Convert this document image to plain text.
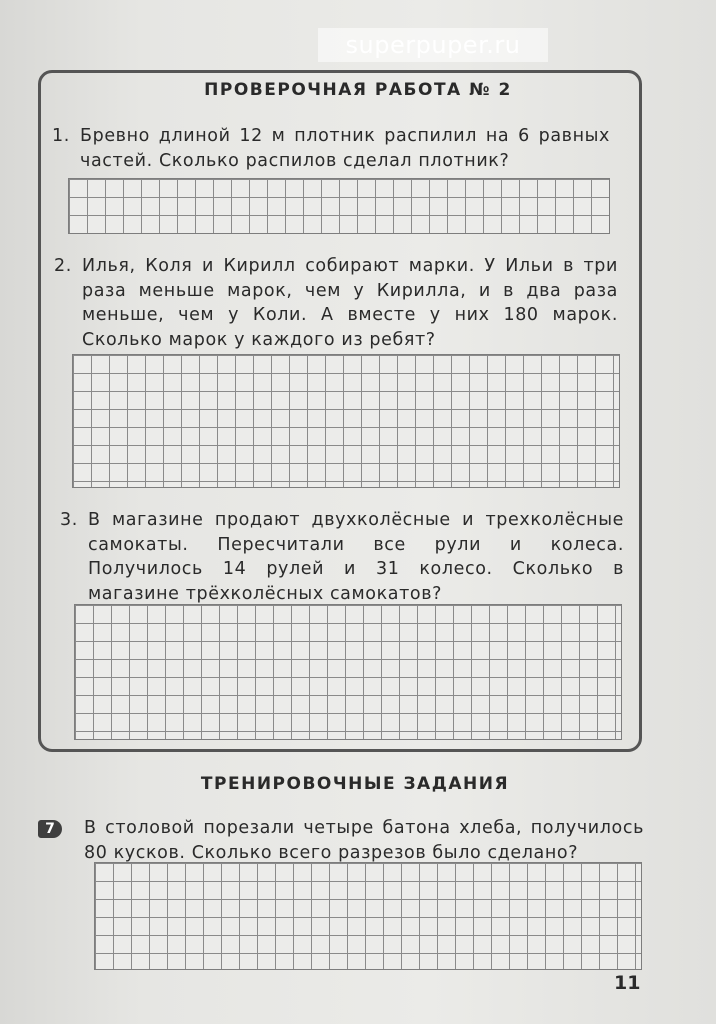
superpuper.ru
ПРОВЕРОЧНАЯ РАБОТА № 2
1. Бревно длиной 12 м плотник распилил на 6 равных частей. Сколько распилов сделал плотник?
2. Илья, Коля и Кирилл собирают марки. У Ильи в три раза меньше марок, чем у Кирилла, и в два раза меньше, чем у Коли. А вместе у них 180 марок. Сколько марок у каждого из ребят?
3. В магазине продают двухколёсные и трехколёсные самокаты. Пересчитали все рули и колеса. Получилось 14 рулей и 31 колесо. Сколько в магазине трёхколёсных самокатов?
ТРЕНИРОВОЧНЫЕ ЗАДАНИЯ
7	В столовой порезали четыре батона хлеба, получилось 80 кусков. Сколько всего разрезов было сделано?
11
